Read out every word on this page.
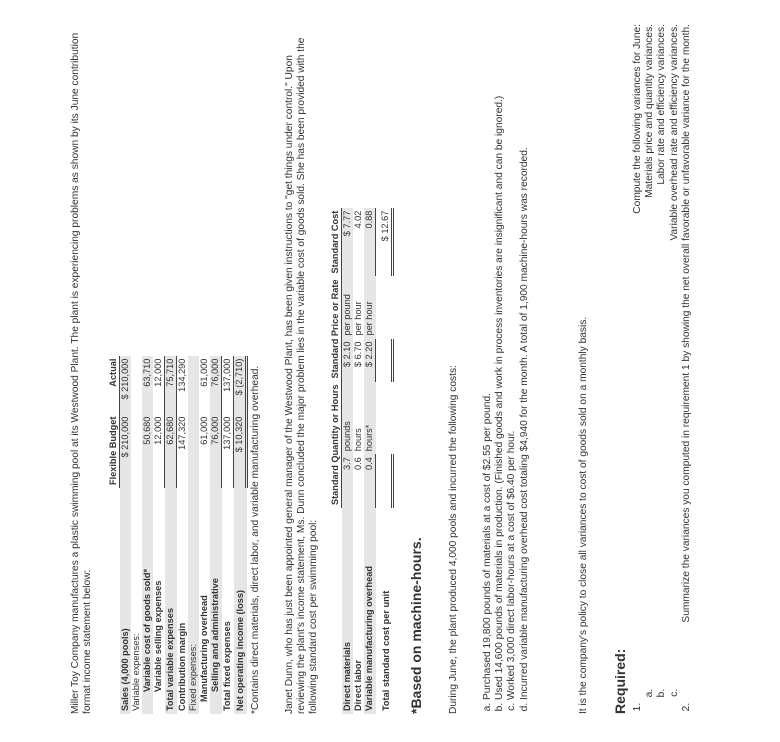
Miller Toy Company manufactures a plastic swimming pool at its Westwood Plant. The plant is experiencing problems as shown by its June contribution format income statement below:
	Flexible Budget	Actual
Sales (4,000 pools)	$ 210,000	$ 210,000
Variable expenses:		
Variable cost of goods sold*	50,680	63,710
Variable selling expenses	12,000	12,000
Total variable expenses	62,680	75,710
Contribution margin	147,320	134,290
Fixed expenses:		
Manufacturing overhead	61,000	61,000
Selling and administrative	76,000	76,000
Total fixed expenses	137,000	137,000
Net operating income (loss)	$ 10,320	$ (2,710) *Contains direct materials, direct labor, and variable manufacturing overhead. Janet Dunn, who has just been appointed general manager of the Westwood Plant, has been given instructions to "get things under control." Upon reviewing the plant's income statement, Ms. Dunn concluded the major problem lies in the variable cost of goods sold. She has been provided with the following standard cost per swimming pool:
	Standard Quantity or Hours		Standard Price or Rate		Standard Cost
Direct materials	3.7	pounds	$ 2.10	per pound	$ 7.77
Direct labor	0.6	hours	$ 6.70	per hour	4.02
Variable manufacturing overhead	0.4	hours*	$ 2.20	per hour	0.88
Total standard cost per unit					$ 12.67
*Based on machine-hours. During June, the plant produced 4,000 pools and incurred the following costs: a. Purchased 19,800 pounds of materials at a cost of $2.55 per pound. b. Used 14,600 pounds of materials in production. (Finished goods and work in process inventories are insignificant and can be ignored.) c. Worked 3,000 direct labor-hours at a cost of $6.40 per hour. d. Incurred variable manufacturing overhead cost totaling $4,940 for the month. A total of 1,900 machine-hours was recorded.	It is the company's policy to close all variances to cost of goods sold on a monthly basis. Required:
1. Compute the following variances for June: a. Materials price and quantity variances. b. Labor rate and efficiency variances. c. Variable overhead rate and efficiency variances. 2. Summarize the variances you computed in requirement 1 by showing the net overall favorable or unfavorable variance for the month.
